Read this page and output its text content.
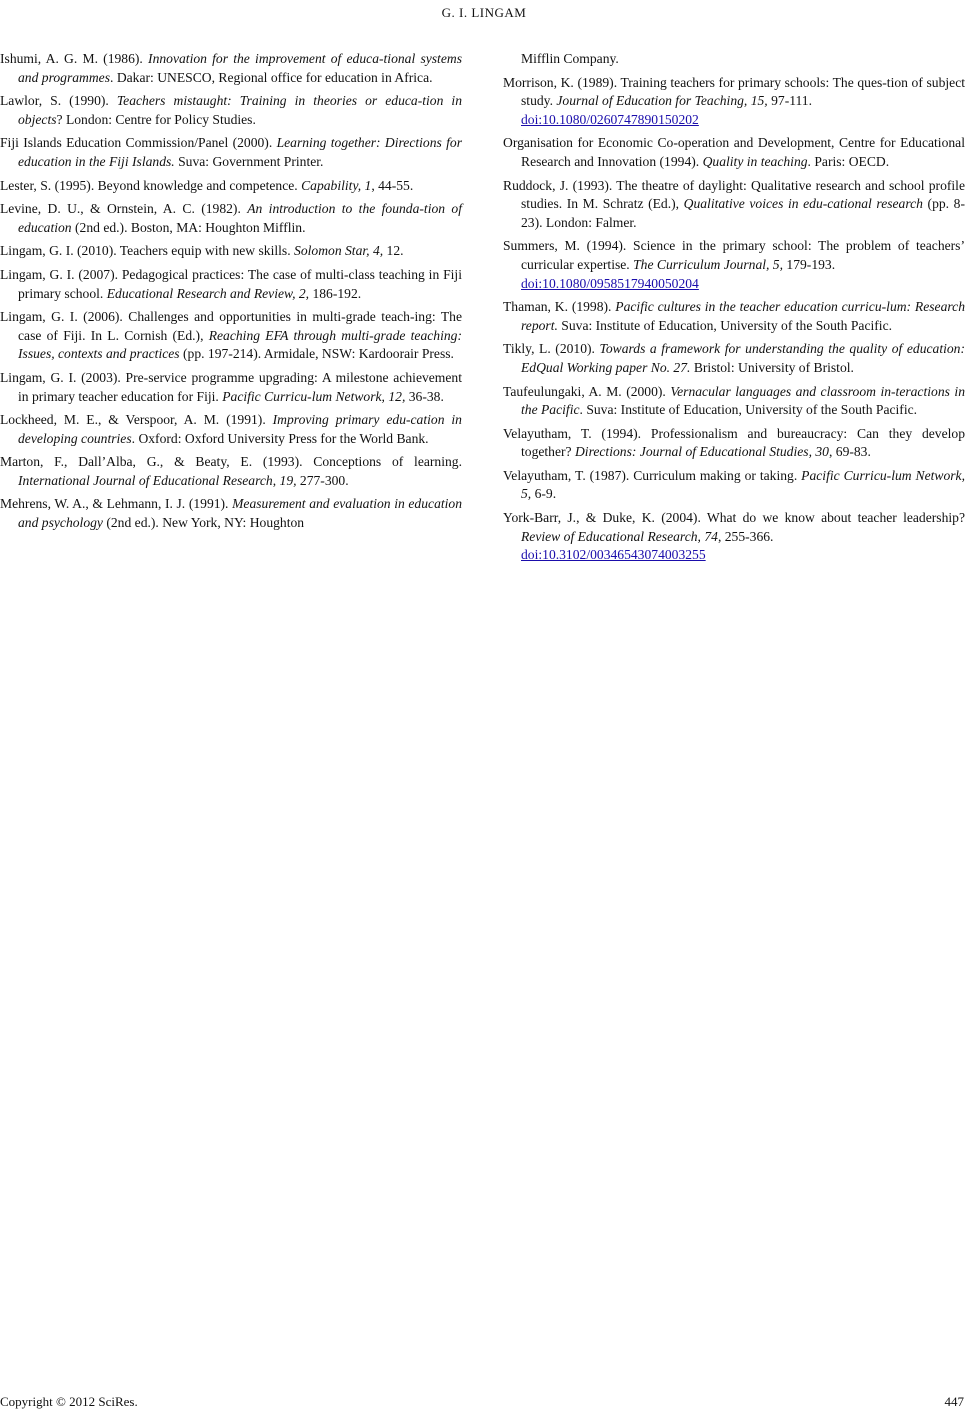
G. I. LINGAM

Ishumi, A. G. M. (1986). Innovation for the improvement of educa-tional systems and programmes. Dakar: UNESCO, Regional office for education in Africa.

Lawlor, S. (1990). Teachers mistaught: Training in theories or educa-tion in objects? London: Centre for Policy Studies.

Fiji Islands Education Commission/Panel (2000). Learning together: Directions for education in the Fiji Islands. Suva: Government Printer.

Lester, S. (1995). Beyond knowledge and competence. Capability, 1, 44-55.

Levine, D. U., & Ornstein, A. C. (1982). An introduction to the founda-tion of education (2nd ed.). Boston, MA: Houghton Mifflin.

Lingam, G. I. (2010). Teachers equip with new skills. Solomon Star, 4, 12.

Lingam, G. I. (2007). Pedagogical practices: The case of multi-class teaching in Fiji primary school. Educational Research and Review, 2, 186-192.

Lingam, G. I. (2006). Challenges and opportunities in multi-grade teach-ing: The case of Fiji. In L. Cornish (Ed.), Reaching EFA through multi-grade teaching: Issues, contexts and practices (pp. 197-214). Armidale, NSW: Kardoorair Press.

Lingam, G. I. (2003). Pre-service programme upgrading: A milestone achievement in primary teacher education for Fiji. Pacific Curricu-lum Network, 12, 36-38.

Lockheed, M. E., & Verspoor, A. M. (1991). Improving primary edu-cation in developing countries. Oxford: Oxford University Press for the World Bank.

Marton, F., Dall’Alba, G., & Beaty, E. (1993). Conceptions of learning. International Journal of Educational Research, 19, 277-300.

Mehrens, W. A., & Lehmann, I. J. (1991). Measurement and evaluation in education and psychology (2nd ed.). New York, NY: Houghton

Mifflin Company.

Morrison, K. (1989). Training teachers for primary schools: The ques-tion of subject study. Journal of Education for Teaching, 15, 97-111.
doi:10.1080/0260747890150202

Organisation for Economic Co-operation and Development, Centre for Educational Research and Innovation (1994). Quality in teaching. Paris: OECD.

Ruddock, J. (1993). The theatre of daylight: Qualitative research and school profile studies. In M. Schratz (Ed.), Qualitative voices in edu-cational research (pp. 8-23). London: Falmer.

Summers, M. (1994). Science in the primary school: The problem of teachers’ curricular expertise. The Curriculum Journal, 5, 179-193.
doi:10.1080/0958517940050204

Thaman, K. (1998). Pacific cultures in the teacher education curricu-lum: Research report. Suva: Institute of Education, University of the South Pacific.

Tikly, L. (2010). Towards a framework for understanding the quality of education: EdQual Working paper No. 27. Bristol: University of Bristol.

Taufeulungaki, A. M. (2000). Vernacular languages and classroom in-teractions in the Pacific. Suva: Institute of Education, University of the South Pacific.

Velayutham, T. (1994). Professionalism and bureaucracy: Can they develop together? Directions: Journal of Educational Studies, 30, 69-83.

Velayutham, T. (1987). Curriculum making or taking. Pacific Curricu-lum Network, 5, 6-9.

York-Barr, J., & Duke, K. (2004). What do we know about teacher leadership? Review of Educational Research, 74, 255-366.
doi:10.3102/00346543074003255

Copyright © 2012 SciRes.	447
